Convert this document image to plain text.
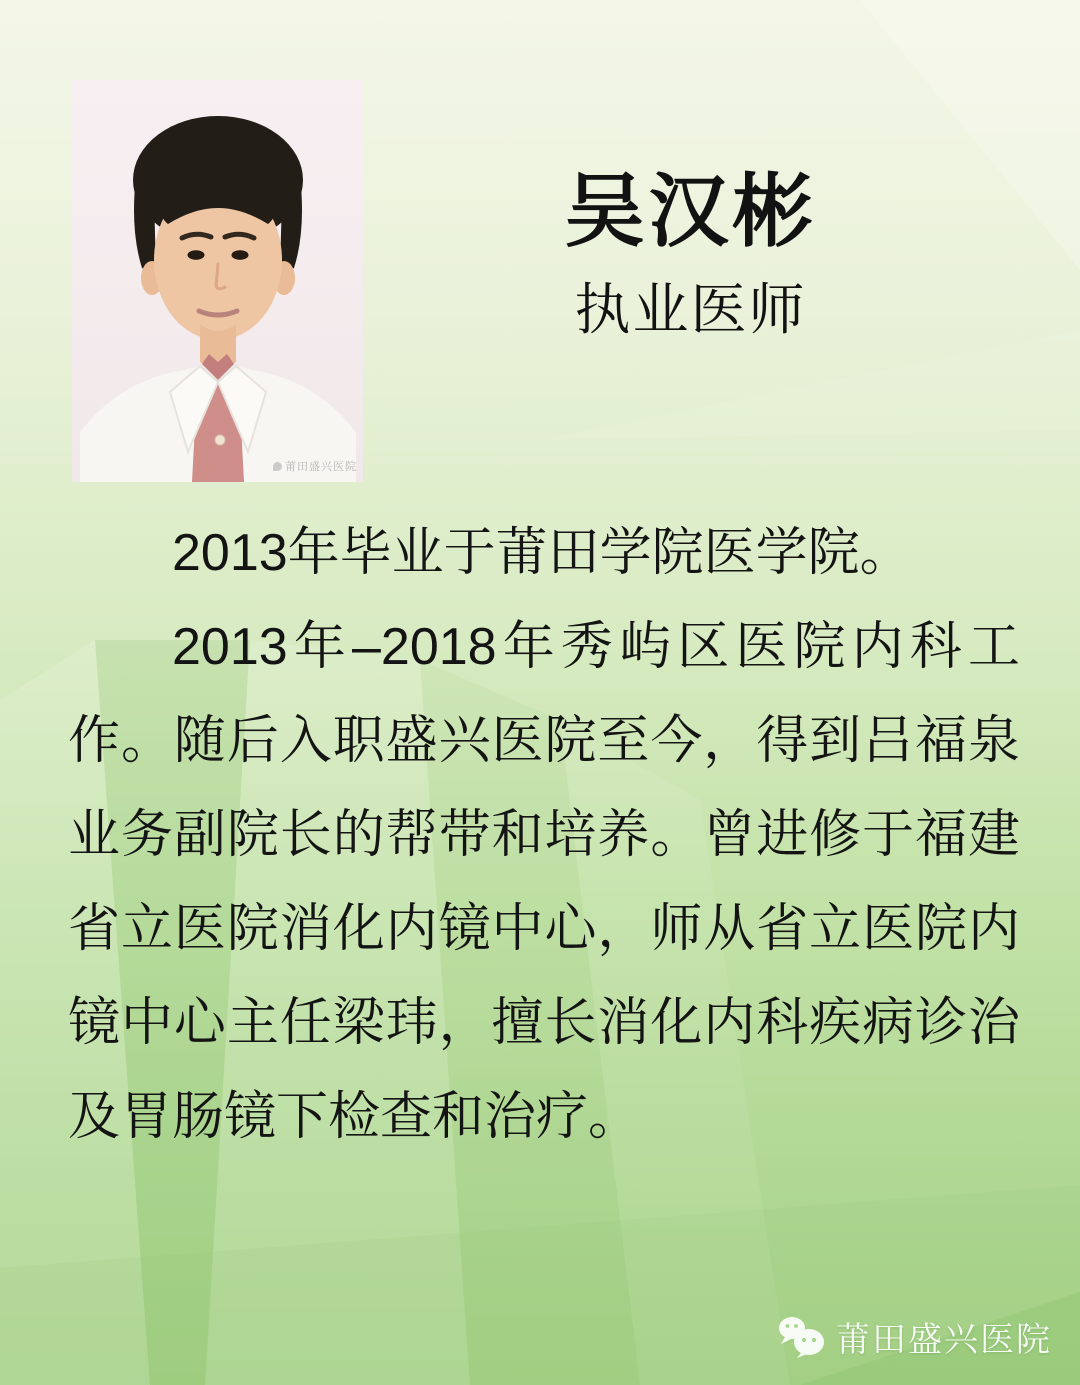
莆田盛兴医院
吴汉彬
执业医师
2013年毕业于莆田学院医学院。
2013年–2018年秀屿区医院内科工
作。随后入职盛兴医院至今，得到吕福泉
业务副院长的帮带和培养。曾进修于福建
省立医院消化内镜中心，师从省立医院内
镜中心主任梁玮，擅长消化内科疾病诊治
及胃肠镜下检查和治疗。
莆田盛兴医院
